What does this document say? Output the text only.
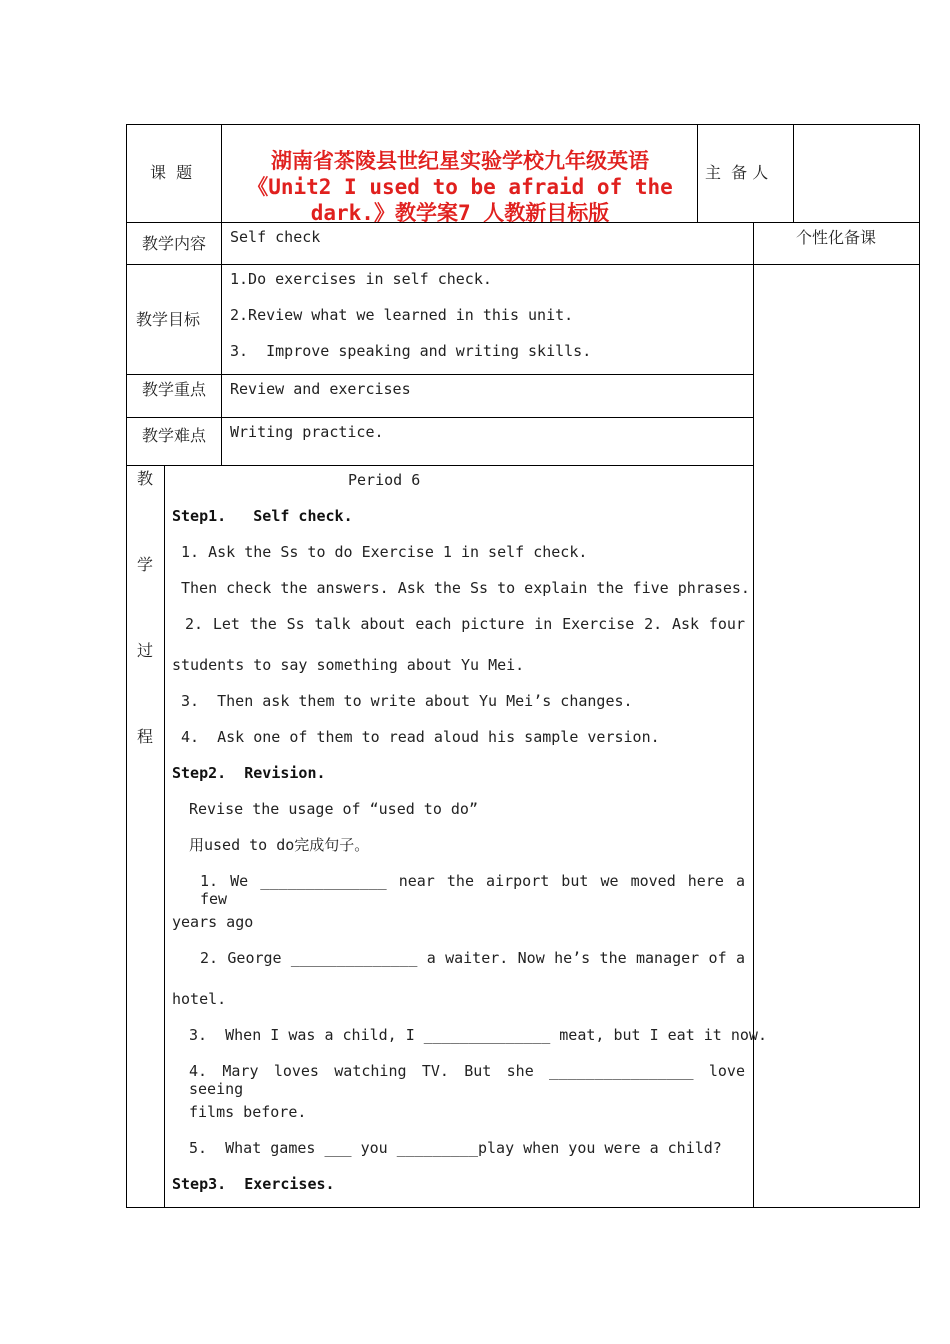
课  题	湖南省茶陵县世纪星实验学校九年级英语
《Unit2 I used to be afraid of the
dark.》教学案7 人教新目标版
主  备 人
教学内容 Self check	个性化备课
教学目标
1.Do exercises in self check.
2.Review what we learned in this unit.
3.  Improve speaking and writing skills.
教学重点 Review and exercises
教学难点 Writing practice.
教
学
过
程
Period 6
Step1.   Self check.
1. Ask the Ss to do Exercise 1 in self check.
Then check the answers. Ask the Ss to explain the five phrases.
2. Let the Ss talk about each picture in Exercise 2. Ask four
students to say something about Yu Mei.
3.  Then ask them to write about Yu Mei’s changes.
4.  Ask one of them to read aloud his sample version.
Step2.  Revision.
Revise the usage of “used to do”
用used to do完成句子。
1. We ______________ near the airport but we moved here a few
years ago
2. George ______________ a waiter. Now he’s the manager of a
hotel.
3.  When I was a child, I ______________ meat, but I eat it now.
4. Mary loves watching TV. But she ________________ love seeing
films before.
5.  What games ___ you _________play when you were a child?
Step3.  Exercises.
